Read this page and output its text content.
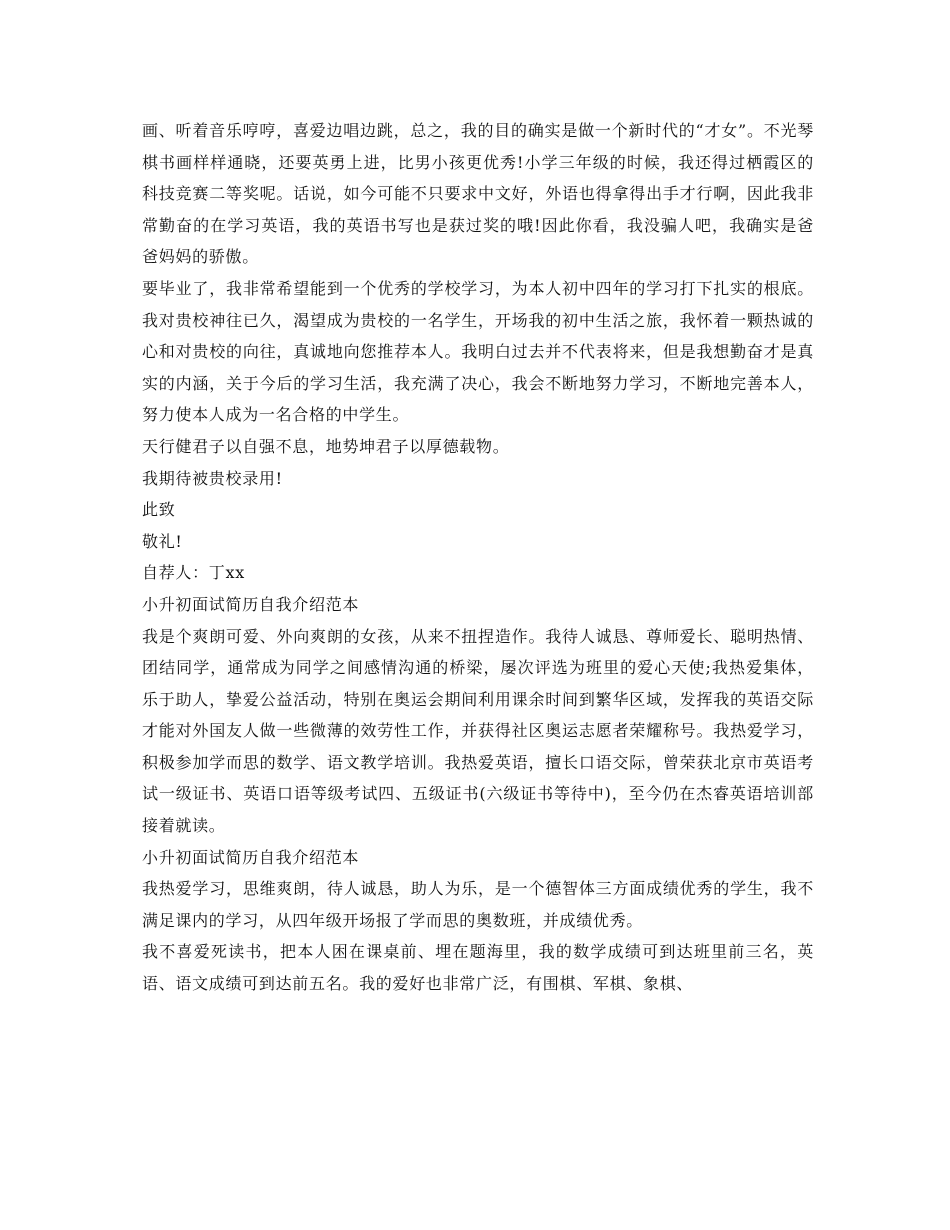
画、听着音乐哼哼，喜爱边唱边跳，总之，我的目的确实是做一个新时代的“才女”。不光琴棋书画样样通晓，还要英勇上进，比男小孩更优秀!小学三年级的时候，我还得过栖霞区的科技竞赛二等奖呢。话说，如今可能不只要求中文好，外语也得拿得出手才行啊，因此我非常勤奋的在学习英语，我的英语书写也是获过奖的哦!因此你看，我没骗人吧，我确实是爸爸妈妈的骄傲。

要毕业了，我非常希望能到一个优秀的学校学习，为本人初中四年的学习打下扎实的根底。我对贵校神往已久，渴望成为贵校的一名学生，开场我的初中生活之旅，我怀着一颗热诚的心和对贵校的向往，真诚地向您推荐本人。我明白过去并不代表将来，但是我想勤奋才是真实的内涵，关于今后的学习生活，我充满了决心，我会不断地努力学习，不断地完善本人，努力使本人成为一名合格的中学生。

天行健君子以自强不息，地势坤君子以厚德载物。

我期待被贵校录用!

此致

敬礼!

自荐人：丁xx

小升初面试简历自我介绍范本

我是个爽朗可爱、外向爽朗的女孩，从来不扭捏造作。我待人诚恳、尊师爱长、聪明热情、团结同学，通常成为同学之间感情沟通的桥梁，屡次评选为班里的爱心天使;我热爱集体，乐于助人，挚爱公益活动，特别在奥运会期间利用课余时间到繁华区域，发挥我的英语交际才能对外国友人做一些微薄的效劳性工作，并获得社区奥运志愿者荣耀称号。我热爱学习，积极参加学而思的数学、语文教学培训。我热爱英语，擅长口语交际，曾荣获北京市英语考试一级证书、英语口语等级考试四、五级证书(六级证书等待中)，至今仍在杰睿英语培训部接着就读。

小升初面试简历自我介绍范本

我热爱学习，思维爽朗，待人诚恳，助人为乐，是一个德智体三方面成绩优秀的学生，我不满足课内的学习，从四年级开场报了学而思的奥数班，并成绩优秀。

我不喜爱死读书，把本人困在课桌前、埋在题海里，我的数学成绩可到达班里前三名，英语、语文成绩可到达前五名。我的爱好也非常广泛，有围棋、军棋、象棋、
